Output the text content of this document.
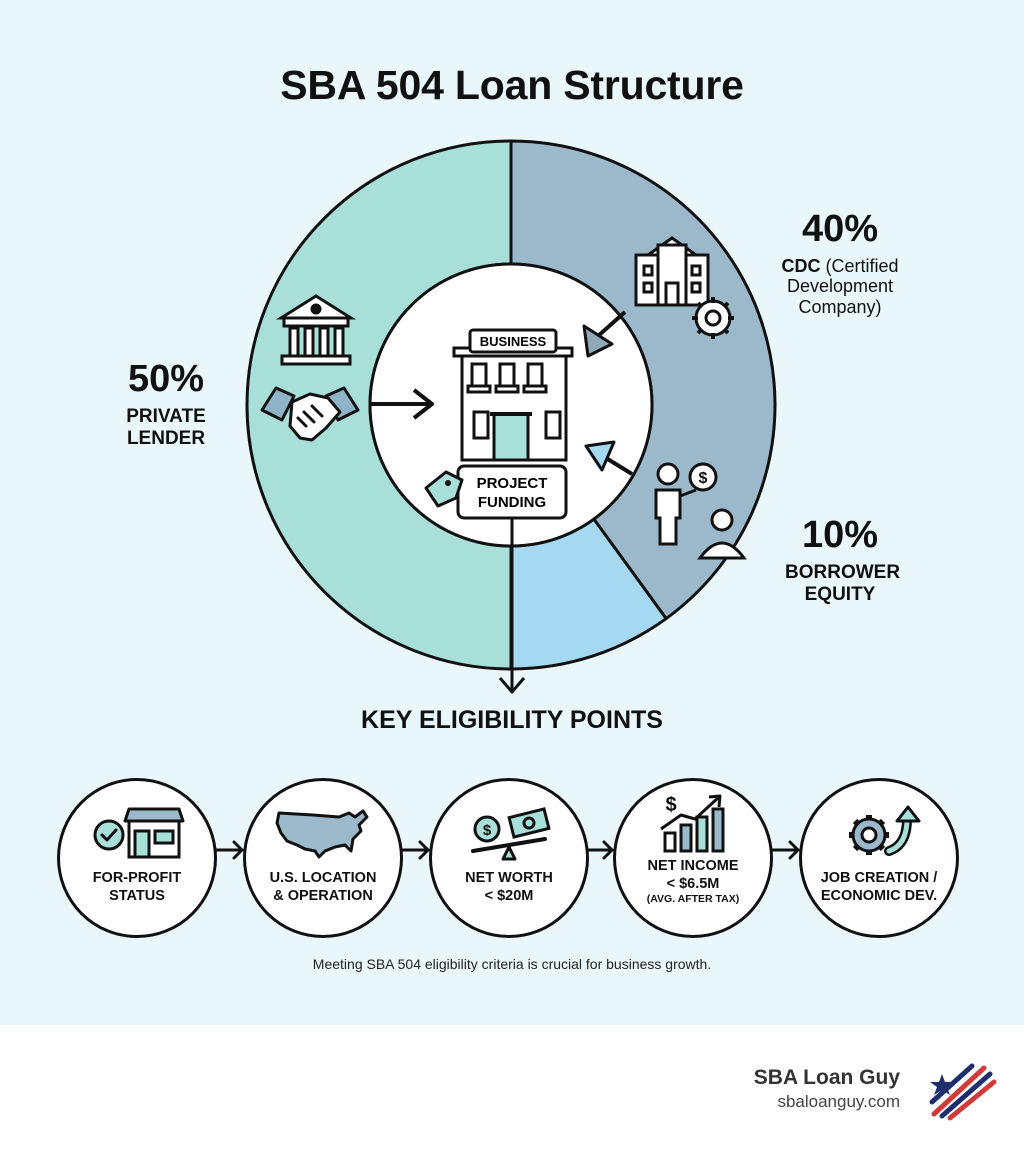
SBA 504 Loan Structure
$
BUSINESS
PROJECT
FUNDING
50%
PRIVATE LENDER
40%
CDC (Certified Development Company)
10%
BORROWER EQUITY
KEY ELIGIBILITY POINTS
FOR-PROFIT
STATUS
U.S. LOCATION
& OPERATION
$
NET WORTH
< $20M
$
NET INCOME
< $6.5M
(AVG. AFTER TAX)
JOB CREATION /
ECONOMIC DEV.
Meeting SBA 504 eligibility criteria is crucial for business growth.
SBA Loan Guy
sbaloanguy.com
